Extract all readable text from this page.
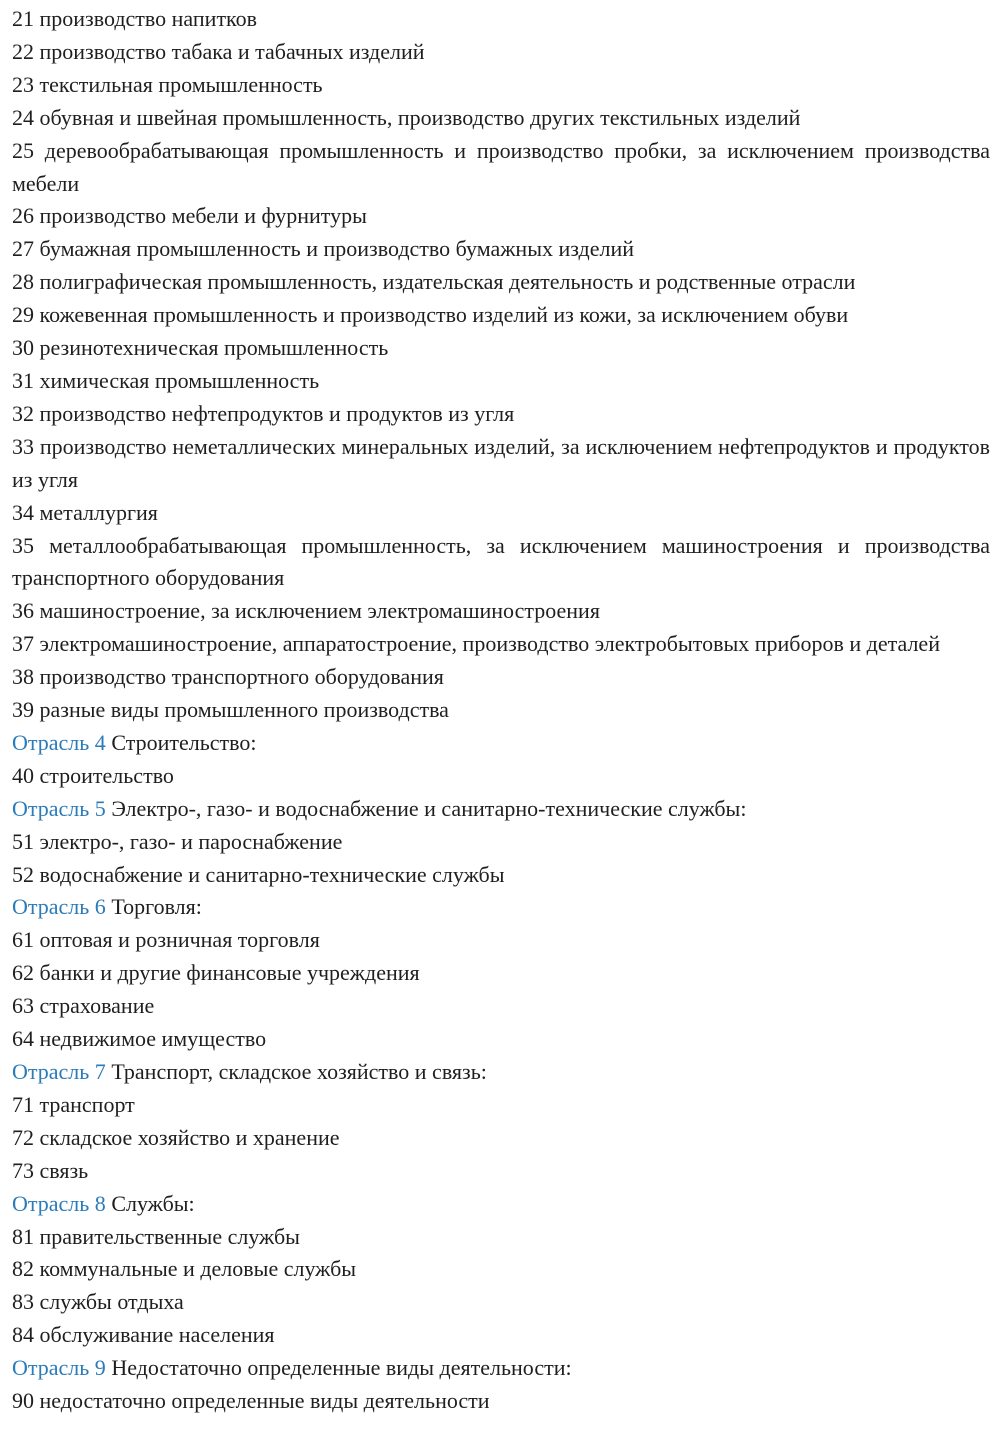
21 производство напитков
22 производство табака и табачных изделий
23 текстильная промышленность
24 обувная и швейная промышленность, производство других текстильных изделий
25 деревообрабатывающая промышленность и производство пробки, за исключением производства мебели
26 производство мебели и фурнитуры
27 бумажная промышленность и производство бумажных изделий
28 полиграфическая промышленность, издательская деятельность и родственные отрасли
29 кожевенная промышленность и производство изделий из кожи, за исключением обуви
30 резинотехническая промышленность
31 химическая промышленность
32 производство нефтепродуктов и продуктов из угля
33 производство неметаллических минеральных изделий, за исключением нефтепродуктов и продуктов из угля
34 металлургия
35 металлообрабатывающая промышленность, за исключением машиностроения и производства транспортного оборудования
36 машиностроение, за исключением электромашиностроения
37 электромашиностроение, аппаратостроение, производство электробытовых приборов и деталей
38 производство транспортного оборудования
39 разные виды промышленного производства
Отрасль 4 Строительство:
40 строительство
Отрасль 5 Электро-, газо- и водоснабжение и санитарно-технические службы:
51 электро-, газо- и пароснабжение
52 водоснабжение и санитарно-технические службы
Отрасль 6 Торговля:
61 оптовая и розничная торговля
62 банки и другие финансовые учреждения
63 страхование
64 недвижимое имущество
Отрасль 7 Транспорт, складское хозяйство и связь:
71 транспорт
72 складское хозяйство и хранение
73 связь
Отрасль 8 Службы:
81 правительственные службы
82 коммунальные и деловые службы
83 службы отдыха
84 обслуживание населения
Отрасль 9 Недостаточно определенные виды деятельности:
90 недостаточно определенные виды деятельности
